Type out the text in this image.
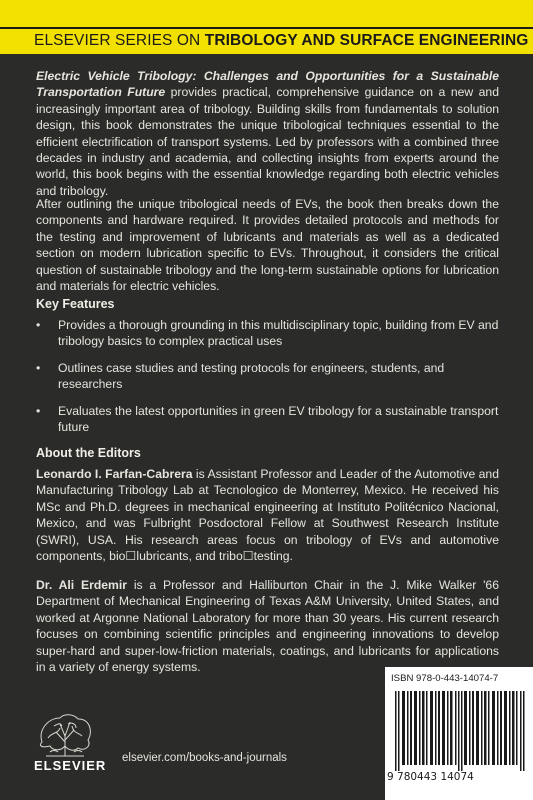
ELSEVIER SERIES ON TRIBOLOGY AND SURFACE ENGINEERING
Electric Vehicle Tribology: Challenges and Opportunities for a Sustainable Transportation Future provides practical, comprehensive guidance on a new and increasingly important area of tribology. Building skills from fundamentals to solution design, this book demonstrates the unique tribological techniques essential to the efficient electrification of transport systems. Led by professors with a combined three decades in industry and academia, and collecting insights from experts around the world, this book begins with the essential knowledge regarding both electric vehicles and tribology.
After outlining the unique tribological needs of EVs, the book then breaks down the components and hardware required. It provides detailed protocols and methods for the testing and improvement of lubricants and materials as well as a dedicated section on modern lubrication specific to EVs. Throughout, it considers the critical question of sustainable tribology and the long-term sustainable options for lubrication and materials for electric vehicles.
Key Features
• Provides a thorough grounding in this multidisciplinary topic, building from EV and tribology basics to complex practical uses
• Outlines case studies and testing protocols for engineers, students, and researchers
• Evaluates the latest opportunities in green EV tribology for a sustainable transport future
About the Editors
Leonardo I. Farfan-Cabrera is Assistant Professor and Leader of the Automotive and Manufacturing Tribology Lab at Tecnologico de Monterrey, Mexico. He received his MSc and Ph.D. degrees in mechanical engineering at Instituto Politécnico Nacional, Mexico, and was Fulbright Posdoctoral Fellow at Southwest Research Institute (SWRI), USA. His research areas focus on tribology of EVs and automotive components, bio☐lubricants, and tribo☐testing.
Dr. Ali Erdemir is a Professor and Halliburton Chair in the J. Mike Walker '66 Department of Mechanical Engineering of Texas A&M University, United States, and worked at Argonne National Laboratory for more than 30 years. His current research focuses on combining scientific principles and engineering innovations to develop super-hard and super-low-friction materials, coatings, and lubricants for applications in a variety of energy systems.
ISBN 978-0-443-14074-7
9 780443 14074
ELSEVIER elsevier.com/books-and-journals
